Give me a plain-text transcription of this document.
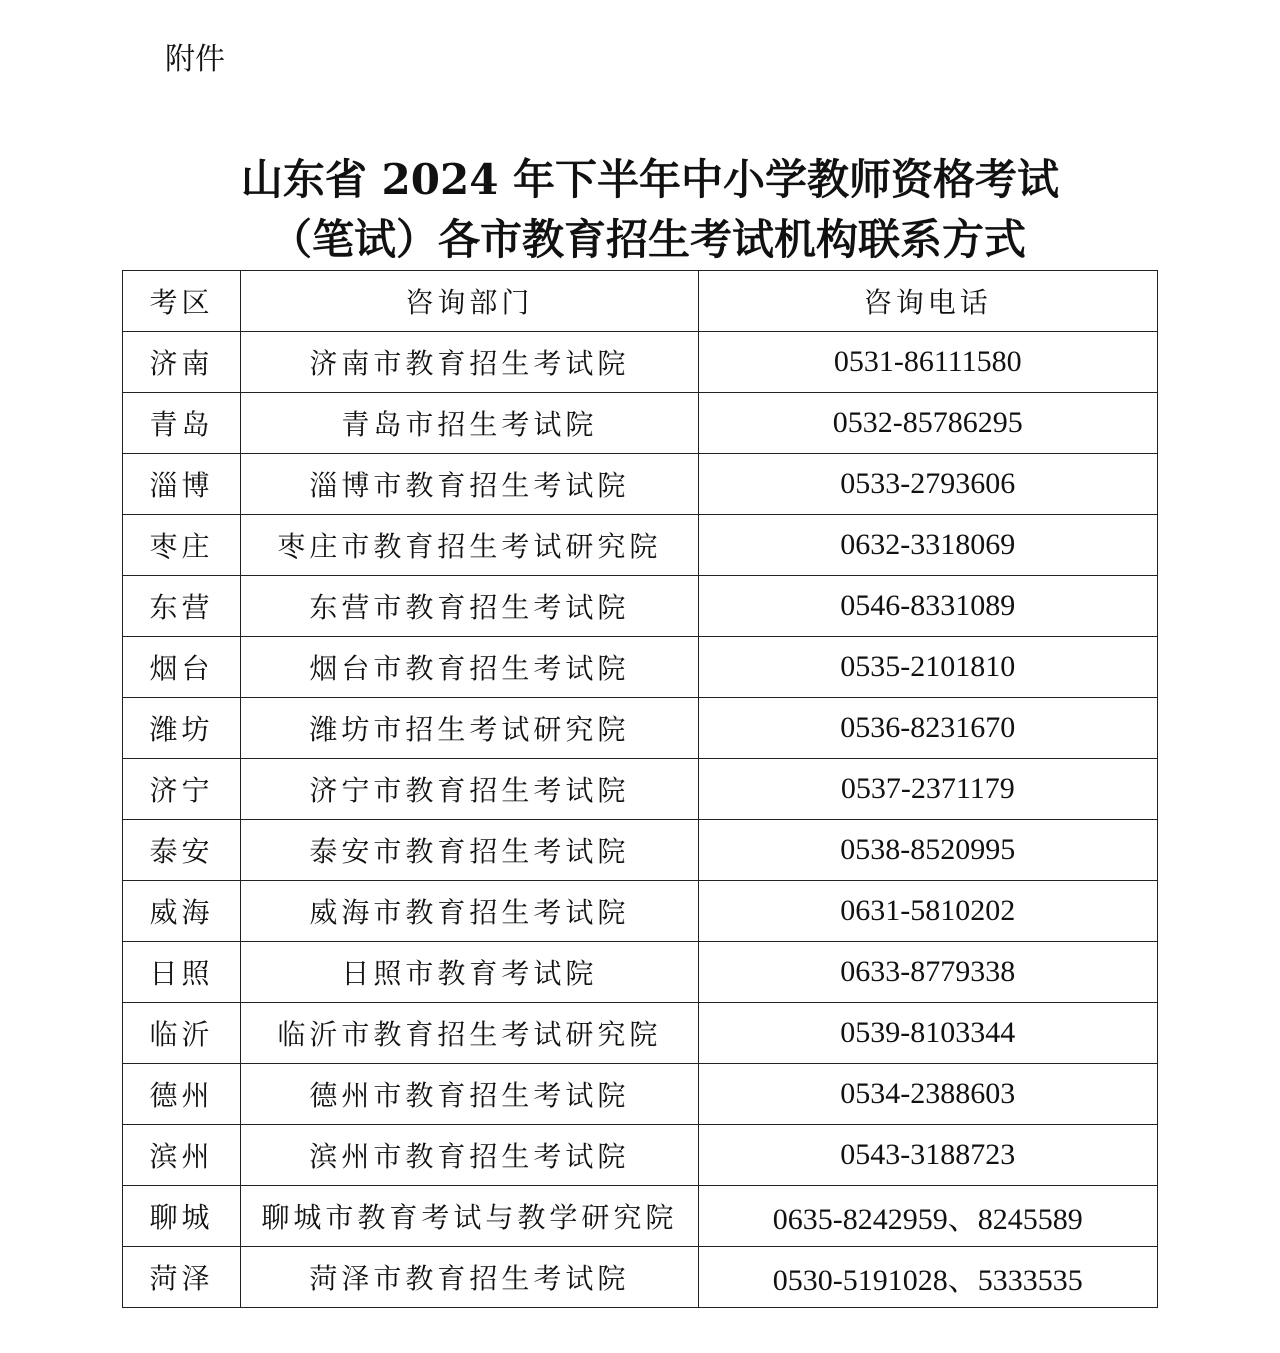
附件
山东省 2024 年下半年中小学教师资格考试
（笔试）各市教育招生考试机构联系方式
考区	咨询部门	咨询电话
济南	济南市教育招生考试院	0531-86111580
青岛	青岛市招生考试院	0532-85786295
淄博	淄博市教育招生考试院	0533-2793606
枣庄	枣庄市教育招生考试研究院	0632-3318069
东营	东营市教育招生考试院	0546-8331089
烟台	烟台市教育招生考试院	0535-2101810
潍坊	潍坊市招生考试研究院	0536-8231670
济宁	济宁市教育招生考试院	0537-2371179
泰安	泰安市教育招生考试院	0538-8520995
威海	威海市教育招生考试院	0631-5810202
日照	日照市教育考试院	0633-8779338
临沂	临沂市教育招生考试研究院	0539-8103344
德州	德州市教育招生考试院	0534-2388603
滨州	滨州市教育招生考试院	0543-3188723
聊城	聊城市教育考试与教学研究院	0635-8242959、8245589
菏泽	菏泽市教育招生考试院	0530-5191028、5333535
